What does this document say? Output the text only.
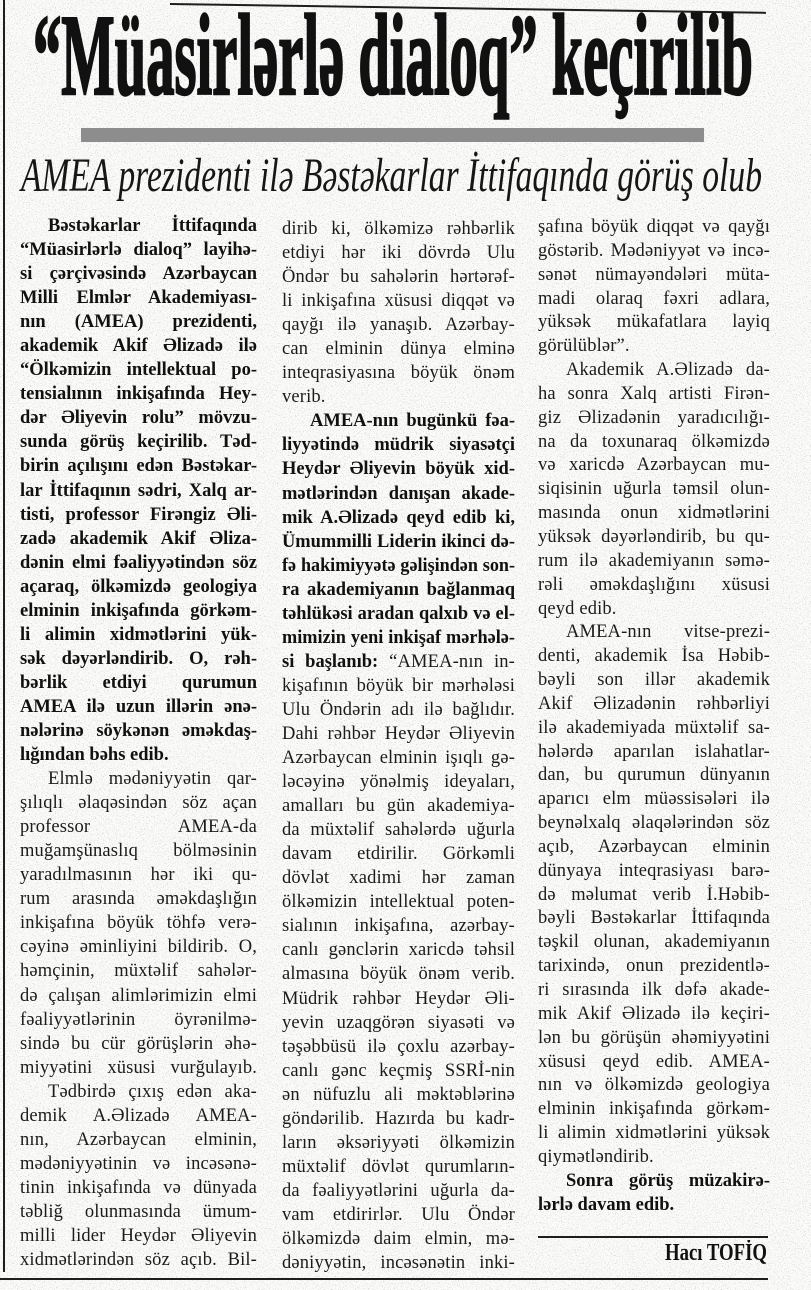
“Müasirlərlə dialoq” keçirilib
AMEA prezidenti ilə Bəstəkarlar İttifaqında görüş olub
Bəstəkarlar İttifaqında
“Müasirlərlə dialoq” layihə-
si çərçivəsində Azərbaycan
Milli Elmlər Akademiyası-
nın (AMEA) prezidenti,
akademik Akif Əlizadə ilə
“Ölkəmizin intellektual po-
tensialının inkişafında Hey-
dər Əliyevin rolu” mövzu-
sunda görüş keçirilib. Təd-
birin açılışını edən Bəstəkar-
lar İttifaqının sədri, Xalq ar-
tisti, professor Firəngiz Əli-
zadə akademik Akif Əliza-
dənin elmi fəaliyyətindən söz
açaraq, ölkəmizdə geologiya
elminin inkişafında görkəm-
li alimin xidmətlərini yük-
sək dəyərləndirib. O, rəh-
bərlik etdiyi qurumun
AMEA ilə uzun illərin ənə-
nələrinə söykənən əməkdaş-
lığından bəhs edib.
Elmlə mədəniyyətin qar-
şılıqlı əlaqəsindən söz açan
professor AMEA-da
muğamşünaslıq bölməsinin
yaradılmasının hər iki qu-
rum arasında əməkdaşlığın
inkişafına böyük töhfə verə-
cəyinə əminliyini bildirib. O,
həmçinin, müxtəlif sahələr-
də çalışan alimlərimizin elmi
fəaliyyətlərinin öyrənilmə-
sində bu cür görüşlərin əhə-
miyyətini xüsusi vurğulayıb.
Tədbirdə çıxış edən aka-
demik A.Əlizadə AMEA-
nın, Azərbaycan elminin,
mədəniyyətinin və incəsənə-
tinin inkişafında və dünyada
təbliğ olunmasında ümum-
milli lider Heydər Əliyevin
xidmətlərindən söz açıb. Bil-
dirib ki, ölkəmizə rəhbərlik
etdiyi hər iki dövrdə Ulu
Öndər bu sahələrin hərtərəf-
li inkişafına xüsusi diqqət və
qayğı ilə yanaşıb. Azərbay-
can elminin dünya elminə
inteqrasiyasına böyük önəm
verib.
AMEA-nın bugünkü fəa-
liyyətində müdrik siyasətçi
Heydər Əliyevin böyük xid-
mətlərindən danışan akade-
mik A.Əlizadə qeyd edib ki,
Ümummilli Liderin ikinci də-
fə hakimiyyətə gəlişindən son-
ra akademiyanın bağlanmaq
təhlükəsi aradan qalxıb və el-
mimizin yeni inkişaf mərhələ-
si başlanıb: “AMEA-nın in-
kişafının böyük bir mərhələsi
Ulu Öndərin adı ilə bağlıdır.
Dahi rəhbər Heydər Əliyevin
Azərbaycan elminin işıqlı gə-
ləcəyinə yönəlmiş ideyaları,
amalları bu gün akademiya-
da müxtəlif sahələrdə uğurla
davam etdirilir. Görkəmli
dövlət xadimi hər zaman
ölkəmizin intellektual poten-
sialının inkişafına, azərbay-
canlı gənclərin xaricdə təhsil
almasına böyük önəm verib.
Müdrik rəhbər Heydər Əli-
yevin uzaqgörən siyasəti və
təşəbbüsü ilə çoxlu azərbay-
canlı gənc keçmiş SSRİ-nin
ən nüfuzlu ali məktəblərinə
göndərilib. Hazırda bu kadr-
ların əksəriyyəti ölkəmizin
müxtəlif dövlət qurumların-
da fəaliyyətlərini uğurla da-
vam etdirirlər. Ulu Öndər
ölkəmizdə daim elmin, mə-
dəniyyətin, incəsənətin inki-
şafına böyük diqqət və qayğı
göstərib. Mədəniyyət və incə-
sənət nümayəndələri müta-
madi olaraq fəxri adlara,
yüksək mükafatlara layiq
görülüblər”.
Akademik A.Əlizadə da-
ha sonra Xalq artisti Firən-
giz Əlizadənin yaradıcılığı-
na da toxunaraq ölkəmizdə
və xaricdə Azərbaycan mu-
siqisinin uğurla təmsil olun-
masında onun xidmətlərini
yüksək dəyərləndirib, bu qu-
rum ilə akademiyanın səmə-
rəli əməkdaşlığını xüsusi
qeyd edib.
AMEA-nın vitse-prezi-
denti, akademik İsa Həbib-
bəyli son illər akademik
Akif Əlizadənin rəhbərliyi
ilə akademiyada müxtəlif sa-
hələrdə aparılan islahatlar-
dan, bu qurumun dünyanın
aparıcı elm müəssisələri ilə
beynəlxalq əlaqələrindən söz
açıb, Azərbaycan elminin
dünyaya inteqrasiyası barə-
də məlumat verib İ.Həbib-
bəyli Bəstəkarlar İttifaqında
təşkil olunan, akademiyanın
tarixində, onun prezidentlə-
ri sırasında ilk dəfə akade-
mik Akif Əlizadə ilə keçiri-
lən bu görüşün əhəmiyyətini
xüsusi qeyd edib. AMEA-
nın və ölkəmizdə geologiya
elminin inkişafında görkəm-
li alimin xidmətlərini yüksək
qiymətləndirib.
Sonra görüş müzakirə-
lərlə davam edib.
Hacı TOFİQ
